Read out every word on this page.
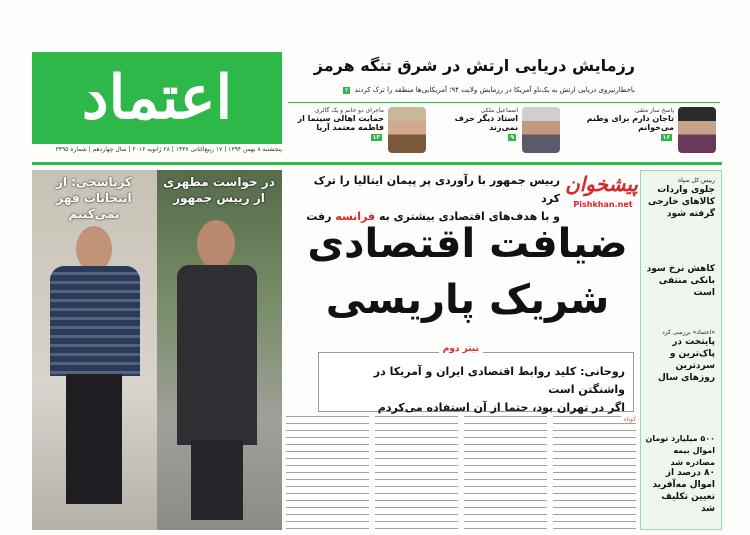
اعتماد
پنجشنبه ۸ بهمن ۱۳۹۴ | ۱۷ ربیع‌الثانی ۱۴۳۷ | ۲۸ ژانویه ۲۰۱۶ | سال چهاردهم | شماره ۳۴۹۵
رزمایش دریایی ارتش در شرق تنگه هرمز
با‌خطار‌نیروی دریایی ارتش به یک‌ناو آمریکا در رزمایش ولایت ۹۴؛ آمریکایی‌ها منطقه را ترک کردند ۲
پاسخ ساز مثقی
تاجان دارم برای وطنم می‌خوانم
۱۶
اسماعیل ملکی
استاد دیگر حرف نمی‌زند
۹
ماجرای دو خانم و یک گالری
حمایت اهالی سینما از فاطمه معتمد آریا
۱۳
رییس کل سپاه
جلوی واردات کالاهای خارجی گرفته شود
کاهش نرخ سود بانکی منتفی است
«اعتماد» بررسی کرد
پایتخت در پاک‌ترین و سردترین روزهای سال
۵۰۰ میلیارد تومان اموال بیمه مصادره شد
۸۰ درصد از اموال مه‌آفرید تعیین تکلیف شد
پیشخوان
Pishkhan.net
رییس جمهور با رآوردی پر پیمان ایتالیا را ترک کرد
و با هدف‌های اقتصادی بیشتری به فرانسه رفت
ضیافت اقتصادی
شریک پاریسی
تیتر دوم
روحانی: کلید روابط اقتصادی ایران و آمریکا در واشنگتن است
اگر در تهران بود، حتما از آن استفاده می‌کردم
کوتاه
در خواست مطهری از رییس جمهور
کرباسچی: از انتخابات قهر نمی‌کنیم
